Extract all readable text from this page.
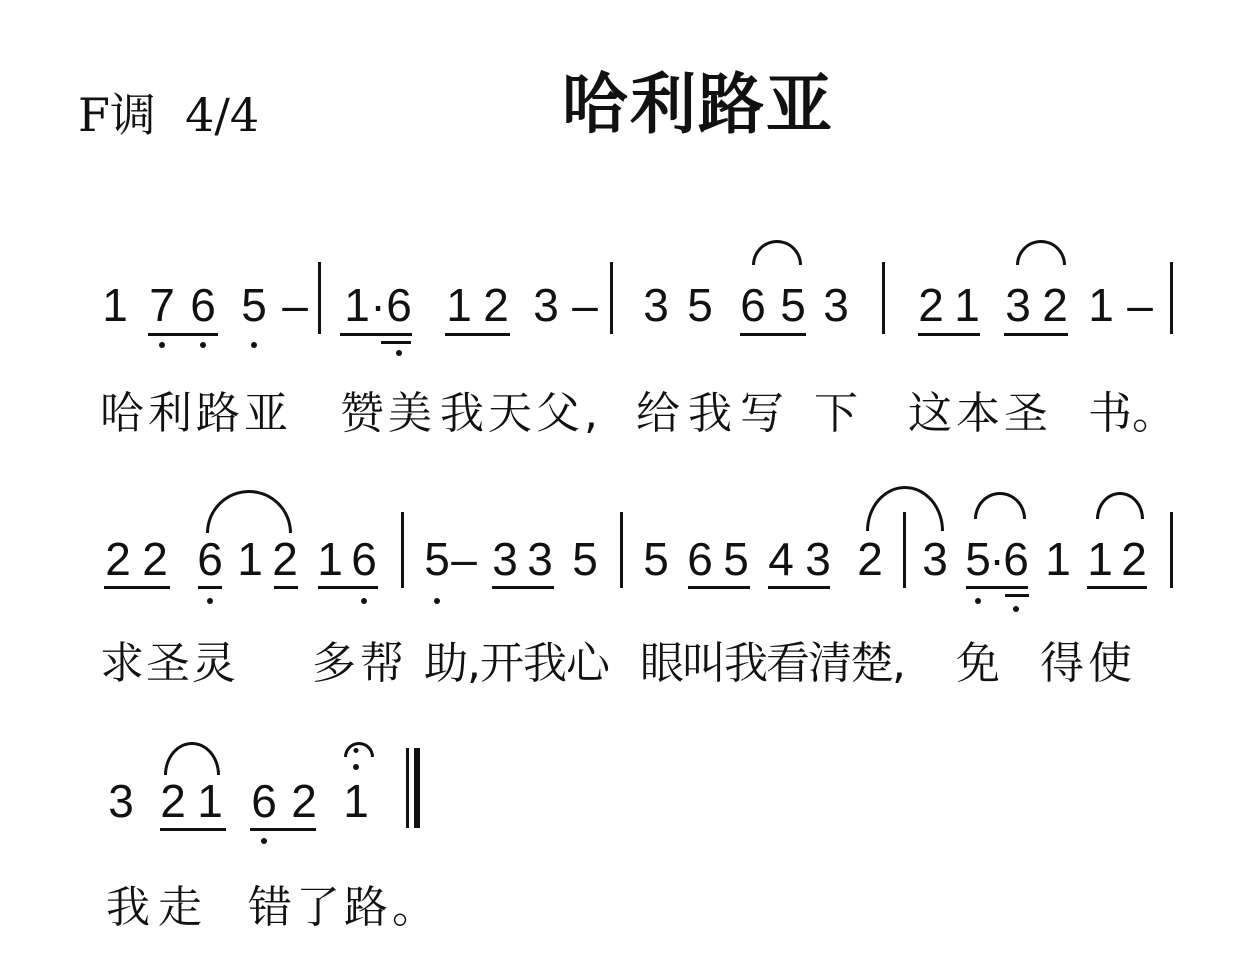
F调  4/4	哈利路亚
1 7 6 5 – 1 · 6 1 2 3 – 3 5 6 5 3 2 1 3 2 1 –
哈利路亚 赞美 我天父, 给我写 下 这本圣 书。
2 2 6 1 2 1 6 5 – 3 3 5 5 6 5 4 3 2 3 5
·
6 1 1 2
求圣灵 多帮 助,开我心 眼叫我看清楚, 免 得使
3 2 1 6 2 1
我走 错了路。
